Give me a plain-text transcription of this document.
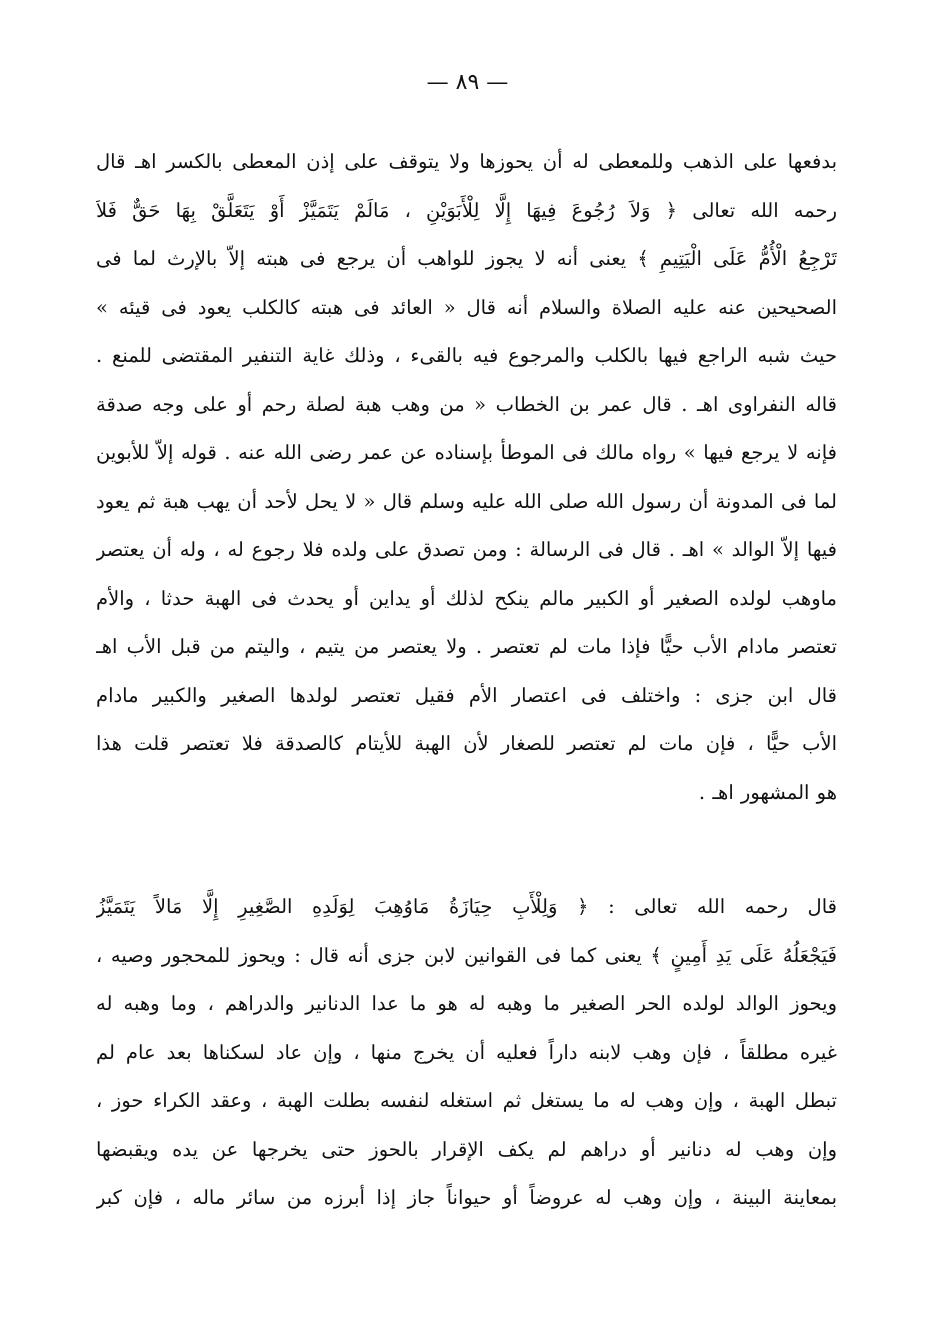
— ٨٩ —
بدفعها على الذهب وللمعطى له أن يحوزها ولا يتوقف على إذن المعطى بالكسر اهـ قال
رحمه الله تعالى ﴿ وَلاَ رُجُوعَ فِيهَا إِلَّا لِلْأَبَوَيْنِ ، مَالَمْ يَتَمَيَّزْ أَوْ يَتَعَلَّقْ بِهَا حَقٌّ فَلاَ
تَرْجِعُ الْأُمُّ عَلَى الْيَتِيمِ ﴾ يعنى أنه لا يجوز للواهب أن يرجع فى هبته إلاّ بالإرث لما فى
الصحيحين عنه عليه الصلاة والسلام أنه قال « العائد فى هبته كالكلب يعود فى قيئه »
حيث شبه الراجع فيها بالكلب والمرجوع فيه بالقىء ، وذلك غاية التنفير المقتضى للمنع .
قاله النفراوى اهـ . قال عمر بن الخطاب « من وهب هبة لصلة رحم أو على وجه صدقة
فإنه لا يرجع فيها » رواه مالك فى الموطأ بإسناده عن عمر رضى الله عنه . قوله إلاّ للأبوين
لما فى المدونة أن رسول الله صلى الله عليه وسلم قال « لا يحل لأحد أن يهب هبة ثم يعود
فيها إلاّ الوالد » اهـ . قال فى الرسالة : ومن تصدق على ولده فلا رجوع له ، وله أن يعتصر
ماوهب لولده الصغير أو الكبير مالم ينكح لذلك أو يداين أو يحدث فى الهبة حدثا ، والأم
تعتصر مادام الأب حيًّا فإذا مات لم تعتصر . ولا يعتصر من يتيم ، واليتم من قبل الأب اهـ
قال ابن جزى : واختلف فى اعتصار الأم فقيل تعتصر لولدها الصغير والكبير مادام
الأب حيًّا ، فإن مات لم تعتصر للصغار لأن الهبة للأيتام كالصدقة فلا تعتصر قلت هذا
هو المشهور اهـ .
قال رحمه الله تعالى : ﴿ وَلِلْأَبِ حِيَازَةُ مَاوُهِبَ لِوَلَدِهِ الصَّغِيرِ إِلَّا مَالاً يَتَمَيَّزُ
فَيَجْعَلُهُ عَلَى يَدِ أَمِينٍ ﴾ يعنى كما فى القوانين لابن جزى أنه قال : ويحوز للمحجور وصيه ،
ويحوز الوالد لولده الحر الصغير ما وهبه له هو ما عدا الدنانير والدراهم ، وما وهبه له
غيره مطلقاً ، فإن وهب لابنه داراً فعليه أن يخرج منها ، وإن عاد لسكناها بعد عام لم
تبطل الهبة ، وإن وهب له ما يستغل ثم استغله لنفسه بطلت الهبة ، وعقد الكراء حوز ،
وإن وهب له دنانير أو دراهم لم يكف الإقرار بالحوز حتى يخرجها عن يده ويقبضها
بمعاينة البينة ، وإن وهب له عروضاً أو حيواناً جاز إذا أبرزه من سائر ماله ، فإن كبر
